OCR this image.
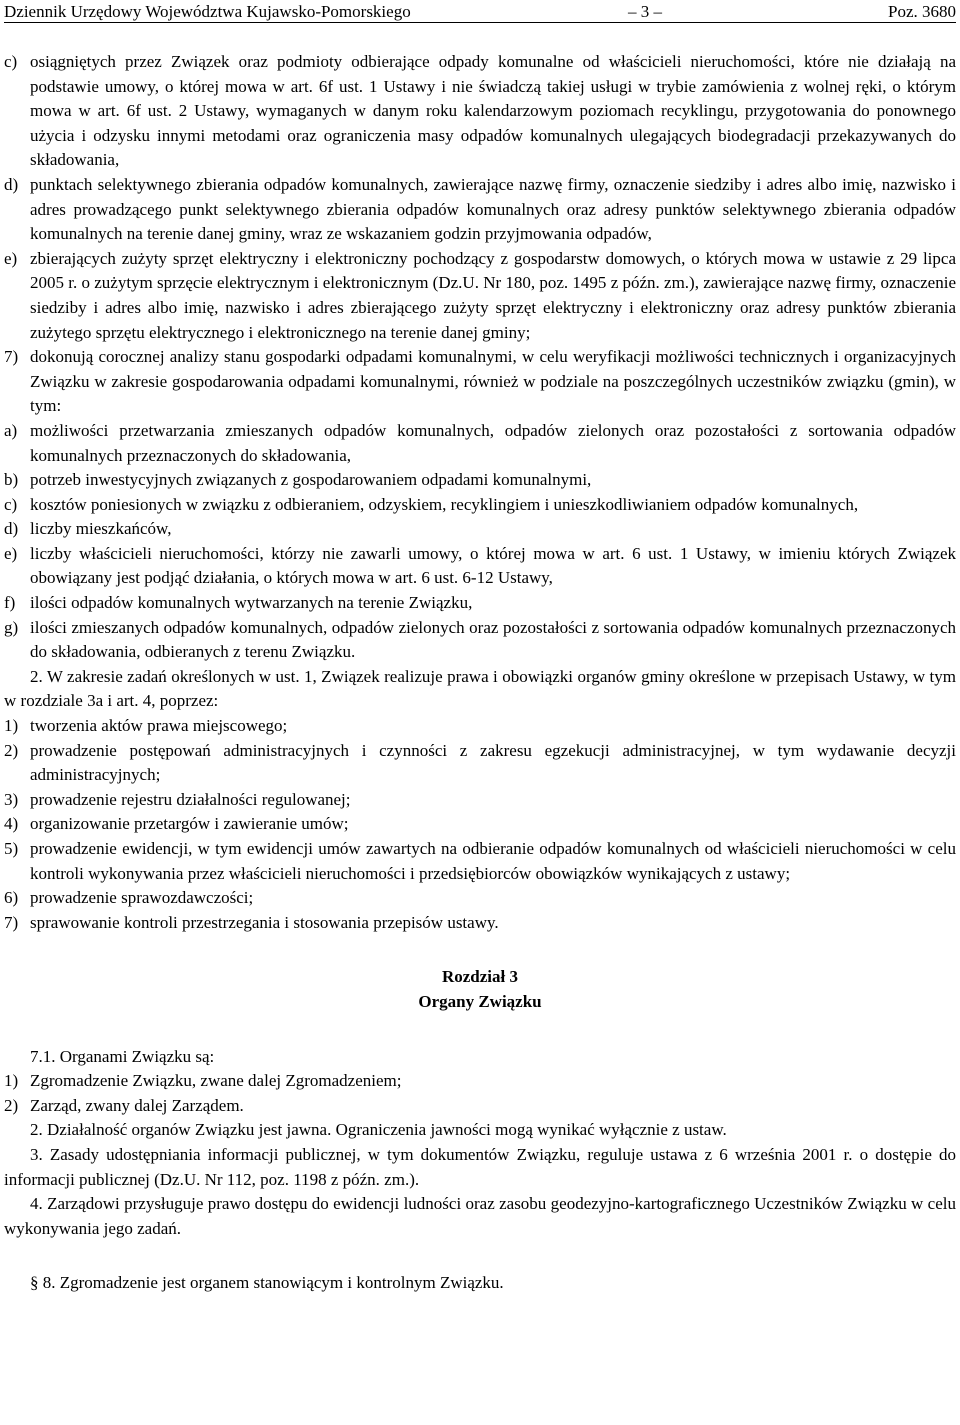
Dziennik Urzędowy Województwa Kujawsko-Pomorskiego	– 3 –	Poz. 3680
c) osiągniętych przez Związek oraz podmioty odbierające odpady komunalne od właścicieli nieruchomości, które nie działają na podstawie umowy, o której mowa w art. 6f ust. 1 Ustawy i nie świadczą takiej usługi w trybie zamówienia z wolnej ręki, o którym mowa w art. 6f ust. 2 Ustawy, wymaganych w danym roku kalendarzowym poziomach recyklingu, przygotowania do ponownego użycia i odzysku innymi metodami oraz ograniczenia masy odpadów komunalnych ulegających biodegradacji przekazywanych do składowania,
d) punktach selektywnego zbierania odpadów komunalnych, zawierające nazwę firmy, oznaczenie siedziby i adres albo imię, nazwisko i adres prowadzącego punkt selektywnego zbierania odpadów komunalnych oraz adresy punktów selektywnego zbierania odpadów komunalnych na terenie danej gminy, wraz ze wskazaniem godzin przyjmowania odpadów,
e) zbierających zużyty sprzęt elektryczny i elektroniczny pochodzący z gospodarstw domowych, o których mowa w ustawie z 29 lipca 2005 r. o zużytym sprzęcie elektrycznym i elektronicznym (Dz.U. Nr 180, poz. 1495 z późn. zm.), zawierające nazwę firmy, oznaczenie siedziby i adres albo imię, nazwisko i adres zbierającego zużyty sprzęt elektryczny i elektroniczny oraz adresy punktów zbierania zużytego sprzętu elektrycznego i elektronicznego na terenie danej gminy;
7) dokonują corocznej analizy stanu gospodarki odpadami komunalnymi, w celu weryfikacji możliwości technicznych i organizacyjnych Związku w zakresie gospodarowania odpadami komunalnymi, również w podziale na poszczególnych uczestników związku (gmin), w tym:
a) możliwości przetwarzania zmieszanych odpadów komunalnych, odpadów zielonych oraz pozostałości z sortowania odpadów komunalnych przeznaczonych do składowania,
b) potrzeb inwestycyjnych związanych z gospodarowaniem odpadami komunalnymi,
c) kosztów poniesionych w związku z odbieraniem, odzyskiem, recyklingiem i unieszkodliwianiem odpadów komunalnych,
d) liczby mieszkańców,
e) liczby właścicieli nieruchomości, którzy nie zawarli umowy, o której mowa w art. 6 ust. 1 Ustawy, w imieniu których Związek obowiązany jest podjąć działania, o których mowa w art. 6 ust. 6-12 Ustawy,
f) ilości odpadów komunalnych wytwarzanych na terenie Związku,
g) ilości zmieszanych odpadów komunalnych, odpadów zielonych oraz pozostałości z sortowania odpadów komunalnych przeznaczonych do składowania, odbieranych z terenu Związku.

2. W zakresie zadań określonych w ust. 1, Związek realizuje prawa i obowiązki organów gminy określone w przepisach Ustawy, w tym w rozdziale 3a i art. 4, poprzez:

1) tworzenia aktów prawa miejscowego;
2) prowadzenie postępowań administracyjnych i czynności z zakresu egzekucji administracyjnej, w tym wydawanie decyzji administracyjnych;
3) prowadzenie rejestru działalności regulowanej;
4) organizowanie przetargów i zawieranie umów;
5) prowadzenie ewidencji, w tym ewidencji umów zawartych na odbieranie odpadów komunalnych od właścicieli nieruchomości w celu kontroli wykonywania przez właścicieli nieruchomości i przedsiębiorców obowiązków wynikających z ustawy;
6) prowadzenie sprawozdawczości;
7) sprawowanie kontroli przestrzegania i stosowania przepisów ustawy.
Rozdział 3
Organy Związku

7.1. Organami Związku są:

1) Zgromadzenie Związku, zwane dalej Zgromadzeniem;
2) Zarząd, zwany dalej Zarządem.

2. Działalność organów Związku jest jawna. Ograniczenia jawności mogą wynikać wyłącznie z ustaw.

3. Zasady udostępniania informacji publicznej, w tym dokumentów Związku, reguluje ustawa z 6 września 2001 r. o dostępie do informacji publicznej (Dz.U. Nr 112, poz. 1198 z późn. zm.).

4. Zarządowi przysługuje prawo dostępu do ewidencji ludności oraz zasobu geodezyjno-kartograficznego Uczestników Związku w celu wykonywania jego zadań.

§ 8. Zgromadzenie jest organem stanowiącym i kontrolnym Związku.
